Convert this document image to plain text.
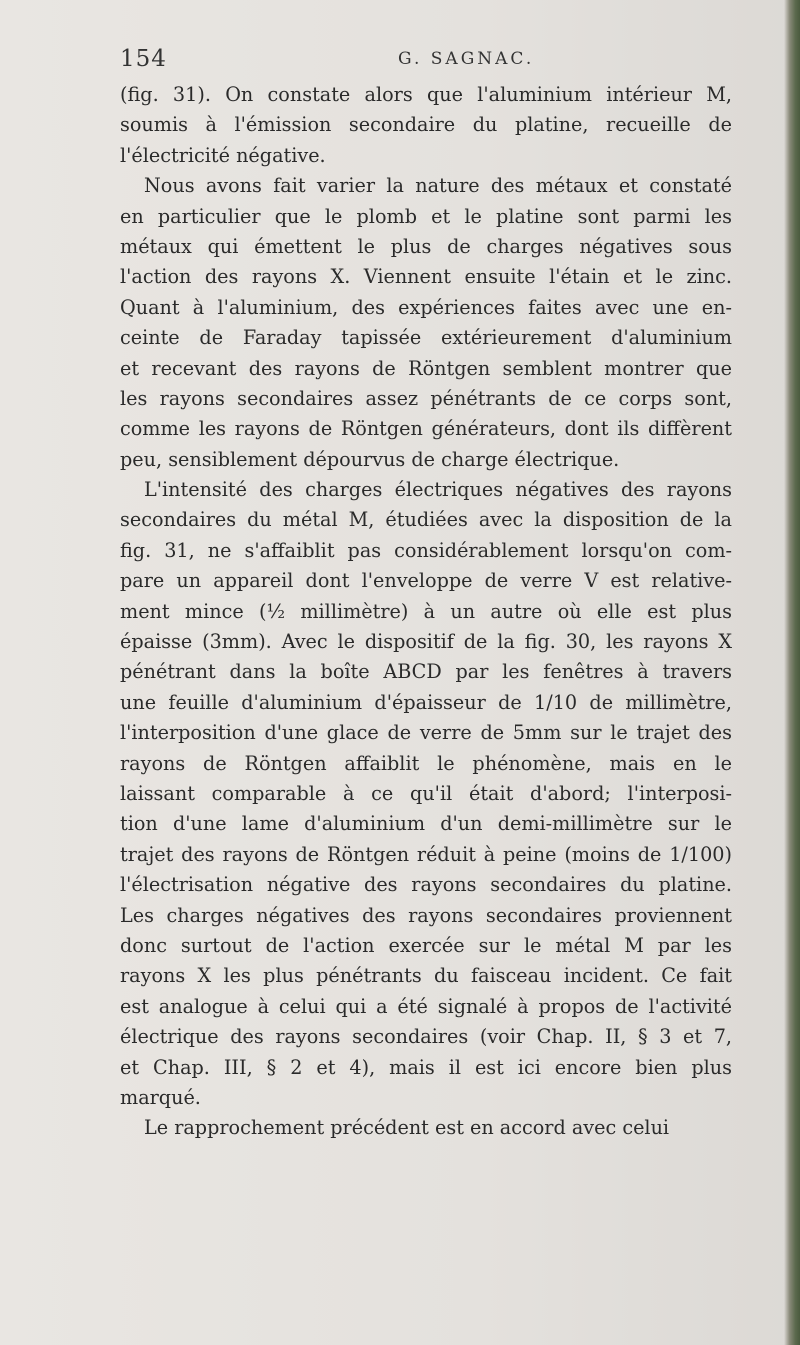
154	G. SAGNAC.
(fig. 31). On constate alors que l'aluminium intérieur M,
soumis à l'émission secondaire du platine, recueille de
l'électricité négative.
Nous avons fait varier la nature des métaux et constaté
en particulier que le plomb et le platine sont parmi les
métaux qui émettent le plus de charges négatives sous
l'action des rayons X. Viennent ensuite l'étain et le zinc.
Quant à l'aluminium, des expériences faites avec une en-
ceinte de Faraday tapissée extérieurement d'aluminium
et recevant des rayons de Röntgen semblent montrer que
les rayons secondaires assez pénétrants de ce corps sont,
comme les rayons de Röntgen générateurs, dont ils diffèrent
peu, sensiblement dépourvus de charge électrique.
L'intensité des charges électriques négatives des rayons
secondaires du métal M, étudiées avec la disposition de la
fig. 31, ne s'affaiblit pas considérablement lorsqu'on com-
pare un appareil dont l'enveloppe de verre V est relative-
ment mince (½ millimètre) à un autre où elle est plus
épaisse (3mm). Avec le dispositif de la fig. 30, les rayons X
pénétrant dans la boîte ABCD par les fenêtres à travers
une feuille d'aluminium d'épaisseur de 1/10 de millimètre,
l'interposition d'une glace de verre de 5mm sur le trajet des
rayons de Röntgen affaiblit le phénomène, mais en le
laissant comparable à ce qu'il était d'abord; l'interposi-
tion d'une lame d'aluminium d'un demi-millimètre sur le
trajet des rayons de Röntgen réduit à peine (moins de 1/100)
l'électrisation négative des rayons secondaires du platine.
Les charges négatives des rayons secondaires proviennent
donc surtout de l'action exercée sur le métal M par les
rayons X les plus pénétrants du faisceau incident. Ce fait
est analogue à celui qui a été signalé à propos de l'activité
électrique des rayons secondaires (voir Chap. II, § 3 et 7,
et Chap. III, § 2 et 4), mais il est ici encore bien plus
marqué.
Le rapprochement précédent est en accord avec celui
